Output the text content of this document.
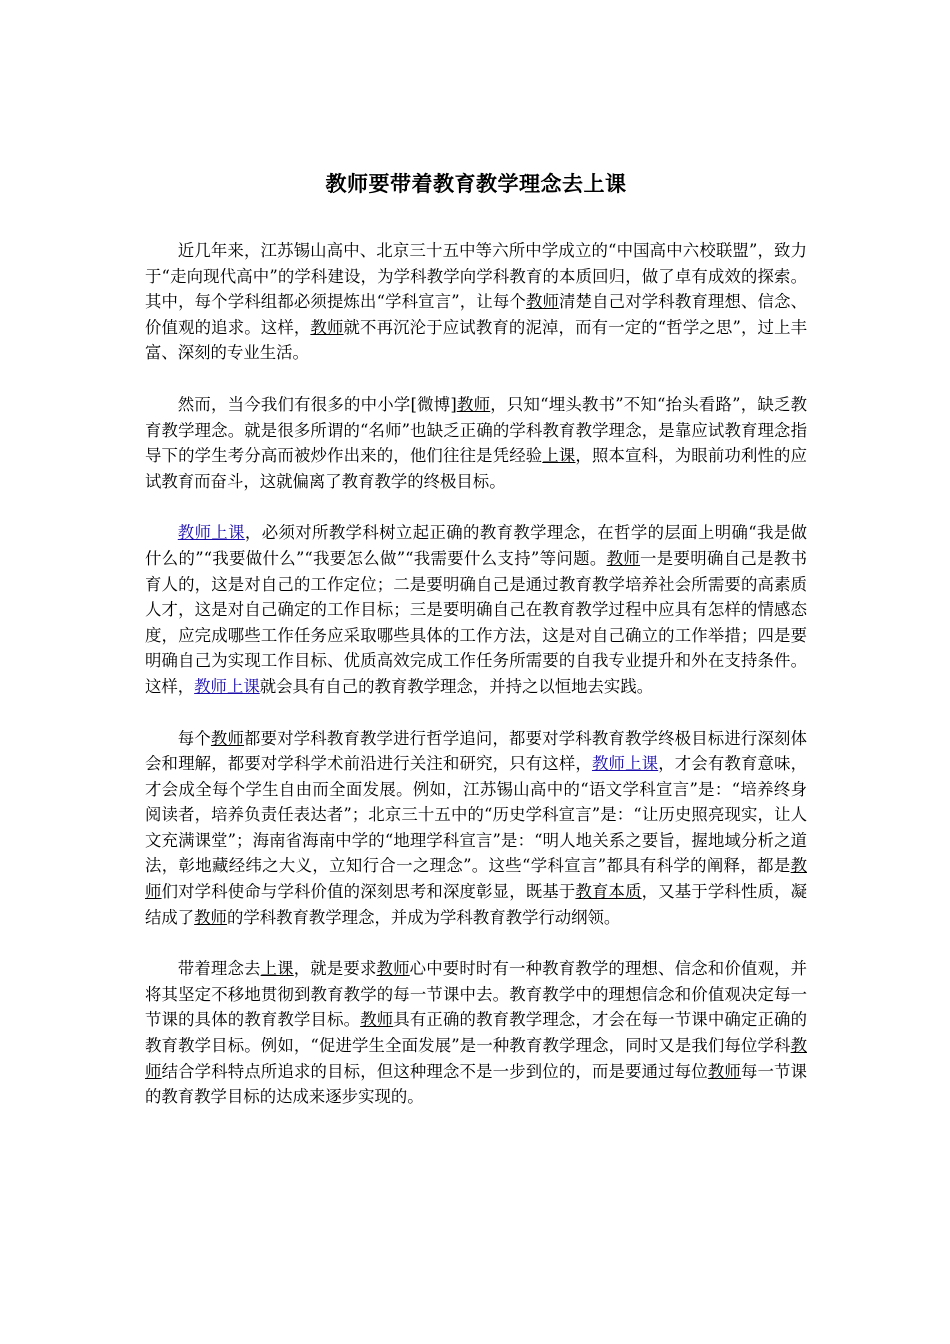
教师要带着教育教学理念去上课

近几年来，江苏锡山高中、北京三十五中等六所中学成立的“中国高中六校联盟”，致力于“走向现代高中”的学科建设，为学科教学向学科教育的本质回归，做了卓有成效的探索。其中，每个学科组都必须提炼出“学科宣言”，让每个教师清楚自己对学科教育理想、信念、价值观的追求。这样，教师就不再沉沦于应试教育的泥淖，而有一定的“哲学之思”，过上丰富、深刻的专业生活。

然而，当今我们有很多的中小学[微博]教师，只知“埋头教书”不知“抬头看路”，缺乏教育教学理念。就是很多所谓的“名师”也缺乏正确的学科教育教学理念，是靠应试教育理念指导下的学生考分高而被炒作出来的，他们往往是凭经验上课，照本宣科，为眼前功利性的应试教育而奋斗，这就偏离了教育教学的终极目标。

教师上课，必须对所教学科树立起正确的教育教学理念，在哲学的层面上明确“我是做什么的”“我要做什么”“我要怎么做”“我需要什么支持”等问题。教师一是要明确自己是教书育人的，这是对自己的工作定位；二是要明确自己是通过教育教学培养社会所需要的高素质人才，这是对自己确定的工作目标；三是要明确自己在教育教学过程中应具有怎样的情感态度，应完成哪些工作任务应采取哪些具体的工作方法，这是对自己确立的工作举措；四是要明确自己为实现工作目标、优质高效完成工作任务所需要的自我专业提升和外在支持条件。这样，教师上课就会具有自己的教育教学理念，并持之以恒地去实践。

每个教师都要对学科教育教学进行哲学追问，都要对学科教育教学终极目标进行深刻体会和理解，都要对学科学术前沿进行关注和研究，只有这样，教师上课，才会有教育意味，才会成全每个学生自由而全面发展。例如，江苏锡山高中的“语文学科宣言”是：“培养终身阅读者，培养负责任表达者”；北京三十五中的“历史学科宣言”是：“让历史照亮现实，让人文充满课堂”；海南省海南中学的“地理学科宣言”是：“明人地关系之要旨，握地域分析之道法，彰地藏经纬之大义，立知行合一之理念”。这些“学科宣言”都具有科学的阐释，都是教师们对学科使命与学科价值的深刻思考和深度彰显，既基于教育本质，又基于学科性质，凝结成了教师的学科教育教学理念，并成为学科教育教学行动纲领。

带着理念去上课，就是要求教师心中要时时有一种教育教学的理想、信念和价值观，并将其坚定不移地贯彻到教育教学的每一节课中去。教育教学中的理想信念和价值观决定每一节课的具体的教育教学目标。教师具有正确的教育教学理念，才会在每一节课中确定正确的教育教学目标。例如，“促进学生全面发展”是一种教育教学理念，同时又是我们每位学科教师结合学科特点所追求的目标，但这种理念不是一步到位的，而是要通过每位教师每一节课的教育教学目标的达成来逐步实现的。
